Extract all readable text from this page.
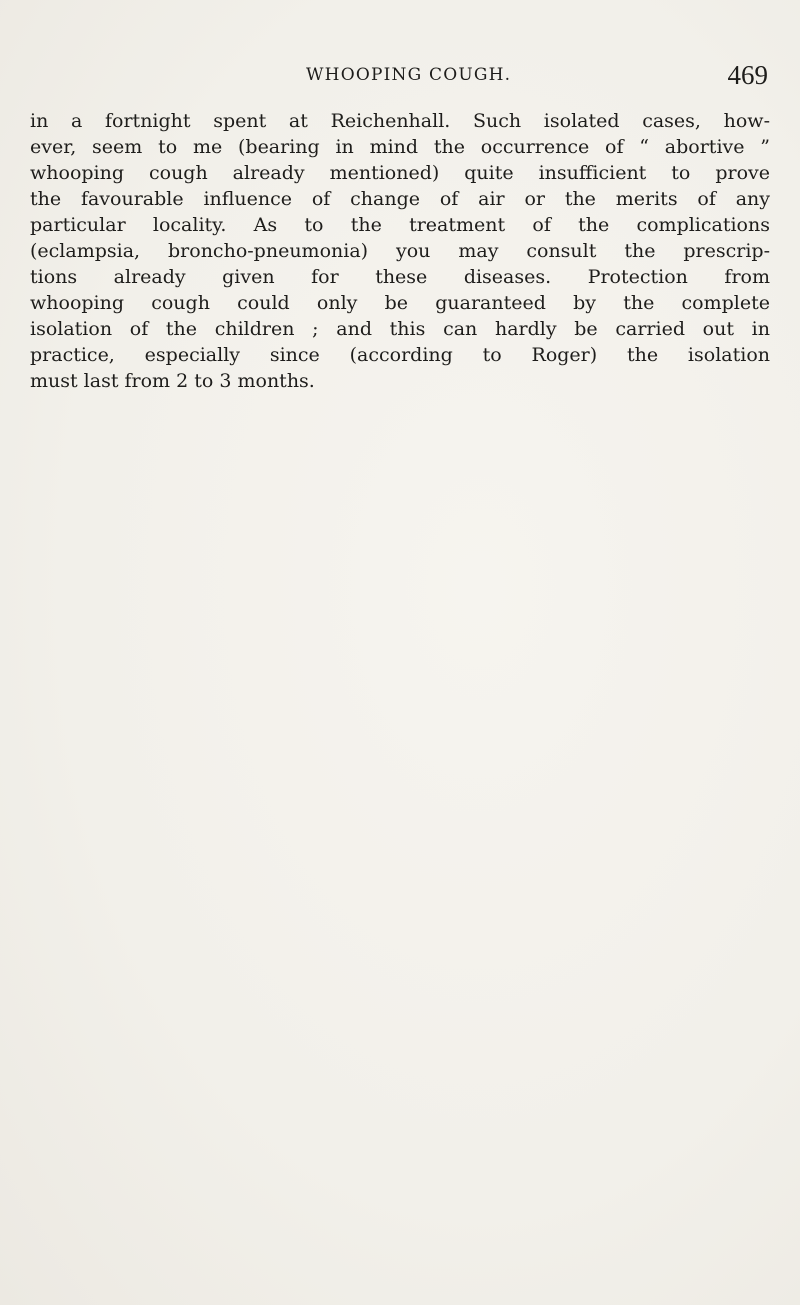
WHOOPING COUGH.	469
in a fortnight spent at Reichenhall. Such isolated cases, how-
ever, seem to me (bearing in mind the occurrence of “ abortive ”
whooping cough already mentioned) quite insufficient to prove
the favourable influence of change of air or the merits of any
particular locality. As to the treatment of the complications
(eclampsia, broncho-pneumonia) you may consult the prescrip-
tions already given for these diseases. Protection from
whooping cough could only be guaranteed by the complete
isolation of the children ; and this can hardly be carried out in
practice, especially since (according to Roger) the isolation
must last from 2 to 3 months.
